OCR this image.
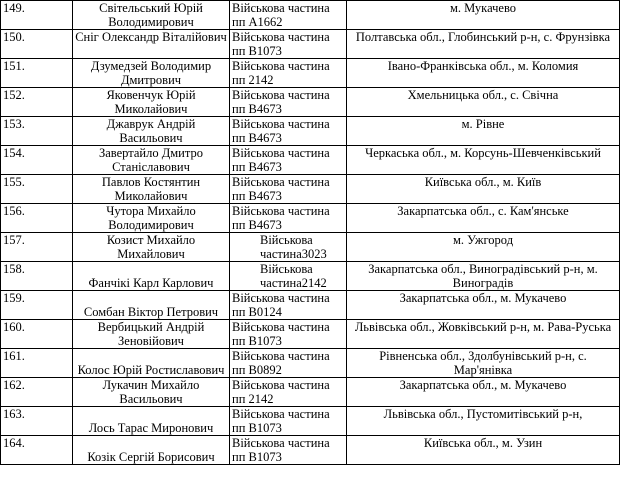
149.	Світельський Юрій Володимирович	Військова частина пп А1662	м. Мукачево
150.	Сніг Олександр Віталійович	Військова частина пп В1073	Полтавська обл., Глобинський р-н, с. Фрунзівка
151.	Дзумедзей Володимир Дмитрович	Військова частина пп 2142	Івано-Франківська обл., м. Коломия
152.	Яковенчук Юрій Миколайович	Військова частина пп В4673	Хмельницька обл., с. Свічна
153.	Джаврук Андрій Васильович	Військова частина пп В4673	м. Рівне
154.	Завертайло Дмитро Станіславович	Військова частина пп В4673	Черкаська обл., м. Корсунь-Шевченківський
155.	Павлов Костянтин Миколайович	Військова частина пп В4673	Київська обл., м. Київ
156.	Чутора Михайло Володимирович	Військова частина пп В4673	Закарпатська обл., с. Кам'янське
157.	Козист Михайло Михайлович	Військова частина3023	м. Ужгород
158.	Фанчікі Карл Карлович	Військова частина2142	Закарпатська обл., Виноградівський р-н, м. Виноградів
159.	Сомбан Віктор Петрович	Військова частина пп В0124	Закарпатська обл., м. Мукачево
160.	Вербицький Андрій Зеновійович	Військова частина пп В1073	Львівська обл., Жовківський р-н, м. Рава-Руська
161.	Колос Юрій Ростиславович	Військова частина пп В0892	Рівненська обл., Здолбунівський р-н, с. Мар'янівка
162.	Лукачин Михайло Васильович	Військова частина пп 2142	Закарпатська обл., м. Мукачево
163.	Лось Тарас Миронович	Військова частина пп В1073	Львівська обл., Пустомитівський р-н,
164.	Козік Сергій Борисович	Військова частина пп В1073	Київська обл., м. Узин
